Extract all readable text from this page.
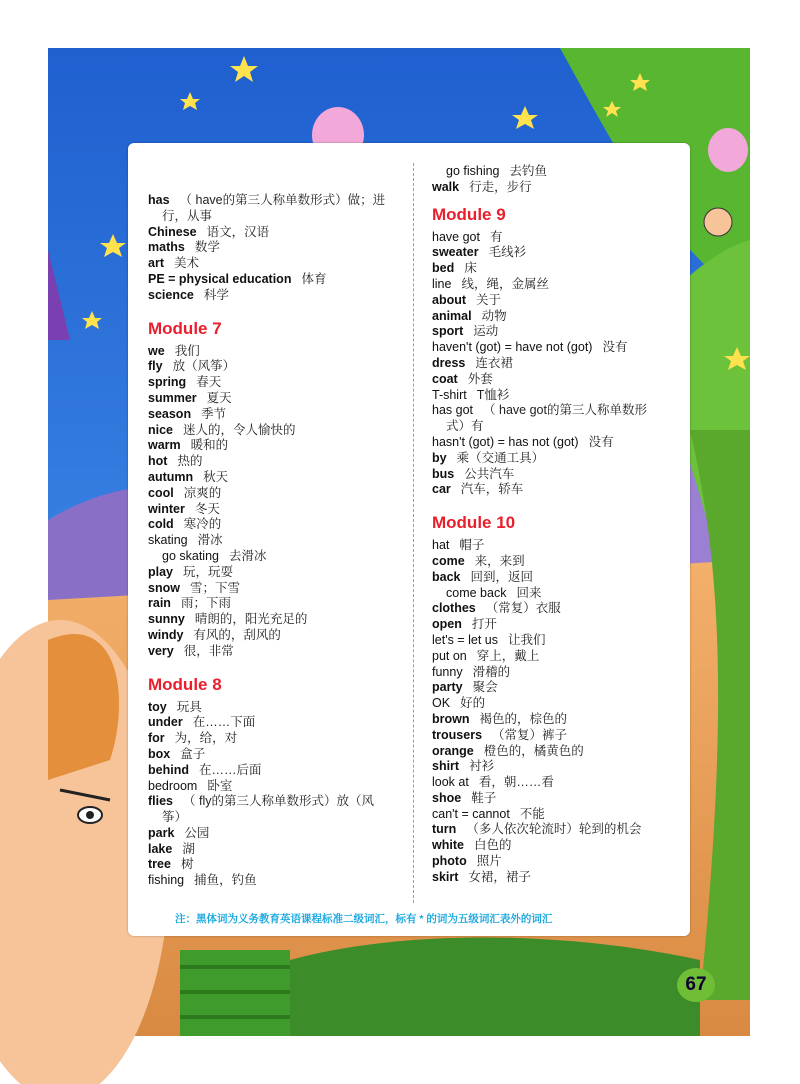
has （ have的第三人称单数形式）做；进

行，从事

Chinese 语文，汉语

maths 数学

art 美术

PE = physical education 体育

science 科学

Module 7

we 我们

fly 放（风筝）

spring 春天

summer 夏天

season 季节

nice 迷人的，令人愉快的

warm 暖和的

hot 热的

autumn 秋天

cool 凉爽的

winter 冬天

cold 寒冷的

skating 滑冰

go skating 去滑冰

play 玩，玩耍

snow 雪；下雪

rain 雨；下雨

sunny 晴朗的，阳光充足的

windy 有风的，刮风的

very 很，非常

Module 8

toy 玩具

under 在……下面

for 为，给，对

box 盒子

behind 在……后面

bedroom 卧室

flies （ fly的第三人称单数形式）放（风

筝）

park 公园

lake 湖

tree 树

fishing 捕鱼，钓鱼

go fishing 去钓鱼

walk 行走，步行

Module 9

have got 有

sweater 毛线衫

bed 床

line 线，绳，金属丝

about 关于

animal 动物

sport 运动

haven't (got) = have not (got) 没有

dress 连衣裙

coat 外套

T-shirt T恤衫

has got （ have got的第三人称单数形

式）有

hasn't (got) = has not (got) 没有

by 乘（交通工具）

bus 公共汽车

car 汽车，轿车

Module 10

hat 帽子

come 来，来到

back 回到，返回

come back 回来

clothes （常复）衣服

open 打开

let's = let us 让我们

put on 穿上，戴上

funny 滑稽的

party 聚会

OK 好的

brown 褐色的，棕色的

trousers （常复）裤子

orange 橙色的，橘黄色的

shirt 衬衫

look at 看，朝……看

shoe 鞋子

can't = cannot 不能

turn （多人依次轮流时）轮到的机会

white 白色的

photo 照片

skirt 女裙，裙子

注：黑体词为义务教育英语课程标准二级词汇，标有 * 的词为五级词汇表外的词汇
67
